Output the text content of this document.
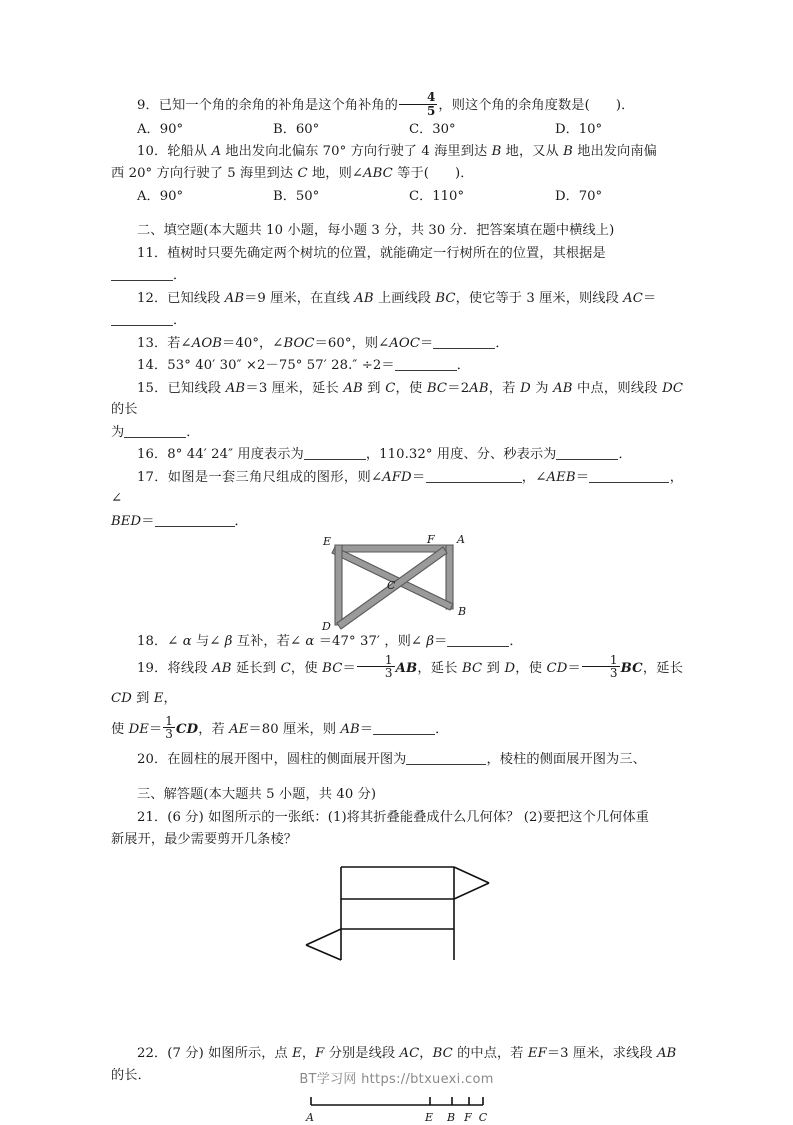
9．已知一个角的余角的补角是这个角补角的 $\frac{4}{5}$ ，则这个角的余角度数是( )．
A．90°	B．60°	C．30°	D．10°
10．轮船从 A 地出发向北偏东 70° 方向行驶了 4 海里到达 B 地，又从 B 地出发向南偏
西 20° 方向行驶了 5 海里到达 C 地，则∠ABC 等于( )．
A．90°	B．50°	C．110°	D．70°
二、填空题(本大题共 10 小题，每小题 3 分，共 30 分．把答案填在题中横线上)
11．植树时只要先确定两个树坑的位置，就能确定一行树所在的位置，其根据是
．
12．已知线段 AB＝9 厘米，在直线 AB 上画线段 BC，使它等于 3 厘米，则线段 AC＝
．
13．若∠AOB＝40°，∠BOC＝60°，则∠AOC＝	．
14．53° 40′ 30″ ×2－75° 57′ 28.″ ÷2＝	．
15．已知线段 AB＝3 厘米，延长 AB 到 C，使 BC＝2AB，若 D 为 AB 中点，则线段 DC 的长
为	．
16．8° 44′ 24″ 用度表示为	，110.32° 用度、分、秒表示为	．
17．如图是一套三角尺组成的图形，则∠AFD＝	，∠AEB＝	，∠
BED＝	．
E	F A
C
B
D
18．∠ α 与∠ β 互补，若∠ α ＝47° 37′ ，则∠ β＝	．
19．将线段 AB 延长到 C，使 $BC= \frac{1}{3}$ AB，延长 BC 到 D，使 $CD= \frac{1}{3}$ BC，延长 CD 到 E，
使 $DE= \frac{1}{3}$ CD，若 AE＝80 厘米，则 AB＝	．
20．在圆柱的展开图中，圆柱的侧面展开图为	，棱柱的侧面展开图为三、
三、解答题(本大题共 5 小题，共 40 分)
21．(6 分) 如图所示的一张纸：(1)将其折叠能叠成什么几何体？ (2)要把这个几何体重
新展开，最少需要剪开几条棱？
22．(7 分) 如图所示，点 E，F 分别是线段 AC，BC 的中点，若 EF＝3 厘米，求线段 AB
的长．
A	E B F C
BT学习网 https://btxuexi.com
